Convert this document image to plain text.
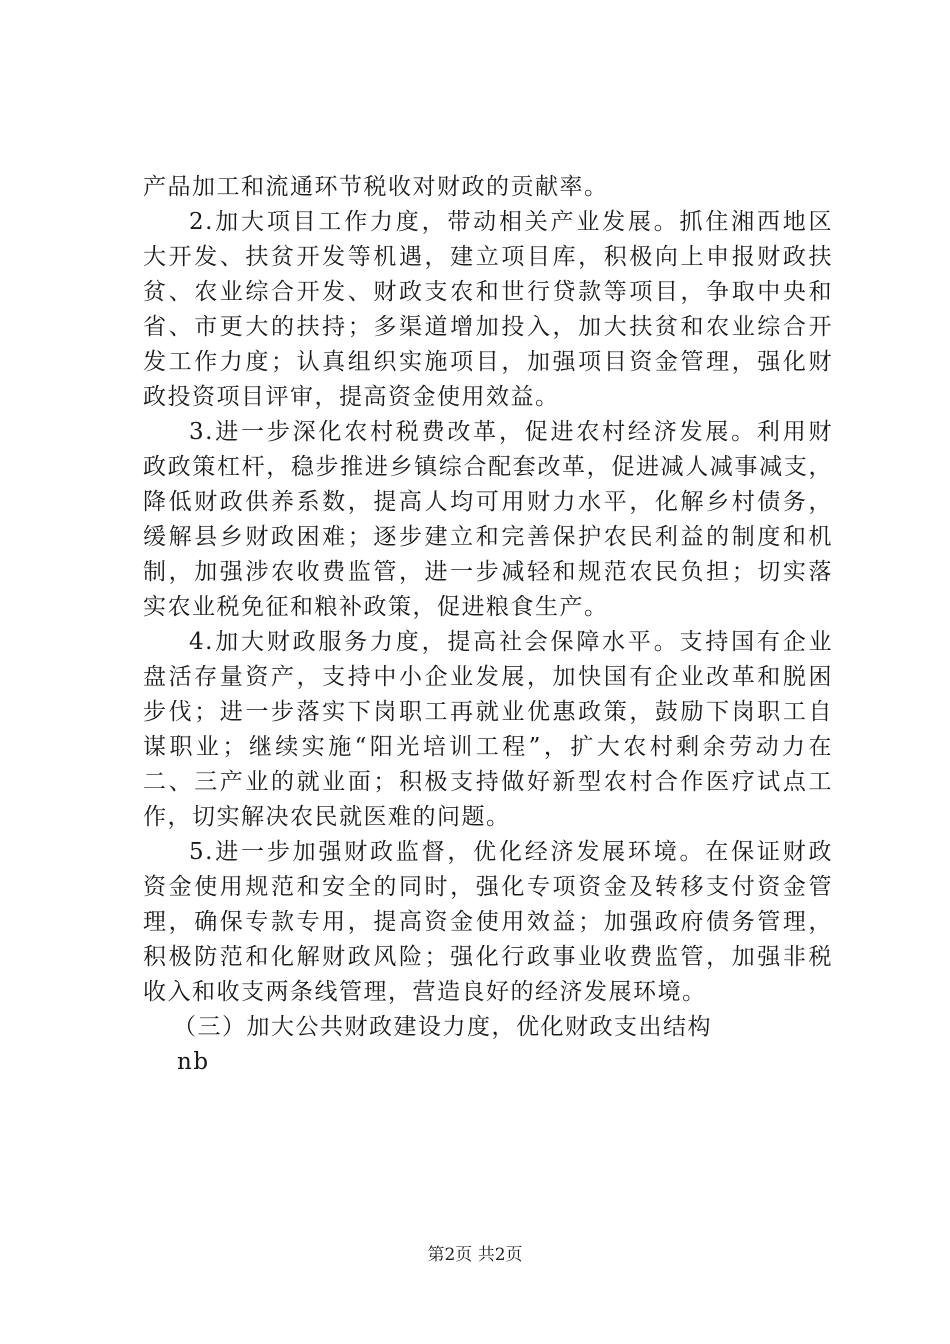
产品加工和流通环节税收对财政的贡献率。
2.加大项目工作力度，带动相关产业发展。抓住湘西地区
大开发、扶贫开发等机遇，建立项目库，积极向上申报财政扶
贫、农业综合开发、财政支农和世行贷款等项目，争取中央和
省、市更大的扶持；多渠道增加投入，加大扶贫和农业综合开
发工作力度；认真组织实施项目，加强项目资金管理，强化财
政投资项目评审，提高资金使用效益。
3.进一步深化农村税费改革，促进农村经济发展。利用财
政政策杠杆，稳步推进乡镇综合配套改革，促进减人减事减支，
降低财政供养系数，提高人均可用财力水平，化解乡村债务，
缓解县乡财政困难；逐步建立和完善保护农民利益的制度和机
制，加强涉农收费监管，进一步减轻和规范农民负担；切实落
实农业税免征和粮补政策，促进粮食生产。
4.加大财政服务力度，提高社会保障水平。支持国有企业
盘活存量资产，支持中小企业发展，加快国有企业改革和脱困
步伐；进一步落实下岗职工再就业优惠政策，鼓励下岗职工自
谋职业；继续实施“阳光培训工程”，扩大农村剩余劳动力在
二、三产业的就业面；积极支持做好新型农村合作医疗试点工
作，切实解决农民就医难的问题。
5.进一步加强财政监督，优化经济发展环境。在保证财政
资金使用规范和安全的同时，强化专项资金及转移支付资金管
理，确保专款专用，提高资金使用效益；加强政府债务管理，
积极防范和化解财政风险；强化行政事业收费监管，加强非税
收入和收支两条线管理，营造良好的经济发展环境。
（三）加大公共财政建设力度，优化财政支出结构
nb
第2页 共2页
